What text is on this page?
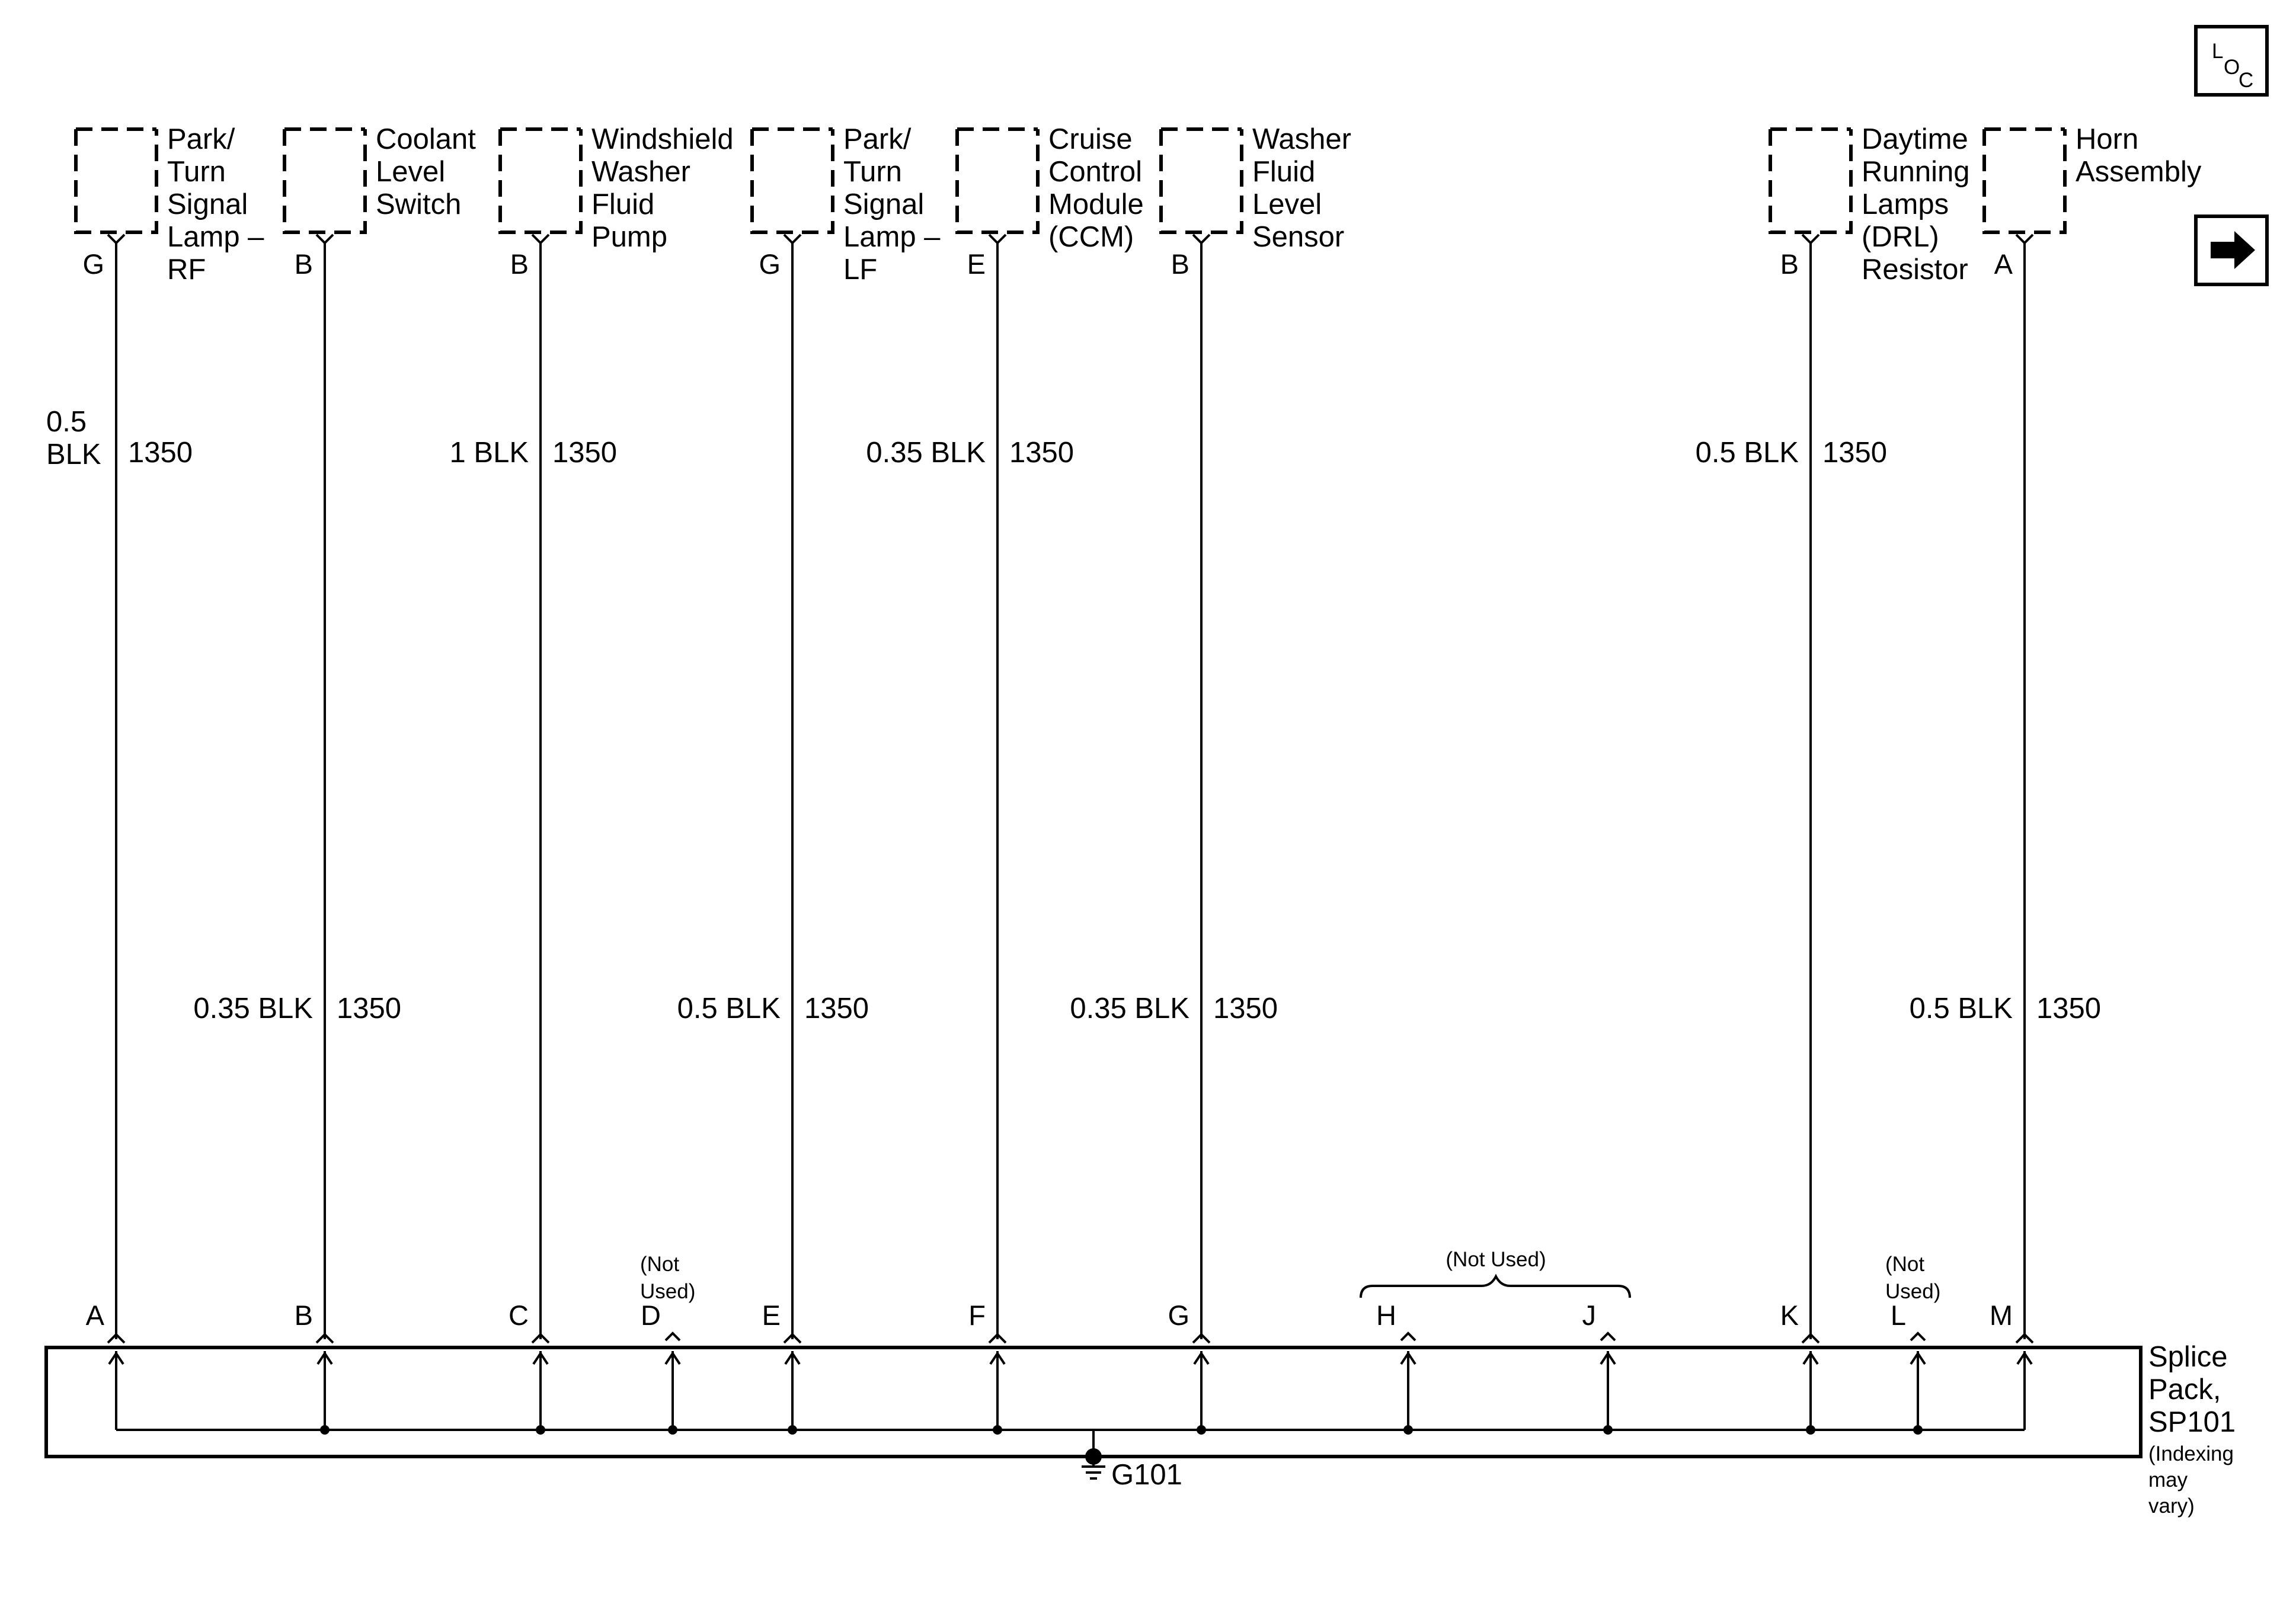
Park/
Turn
Signal
Lamp –
RF
G
0.5
BLK 1350
A
Coolant
Level
Switch
B
0.35 BLK 1350
B
Windshield
Washer
Fluid
Pump
B
1 BLK 1350
C
Park/
Turn
Signal
Lamp –
LF
G
0.5 BLK 1350
E
Cruise
Control
Module
(CCM)
E
0.35 BLK 1350
F
Washer
Fluid
Level
Sensor
B
0.35 BLK 1350
G
Daytime
Running
Lamps
(DRL)
Resistor
B
0.5 BLK 1350
K
Horn
Assembly
A
0.5 BLK 1350
M
D
(Not
Used)
H	J	L
(Not
Used)
(Not Used)
Splice
Pack,
SP101
(Indexing
may
vary)
G101
L
O
C
